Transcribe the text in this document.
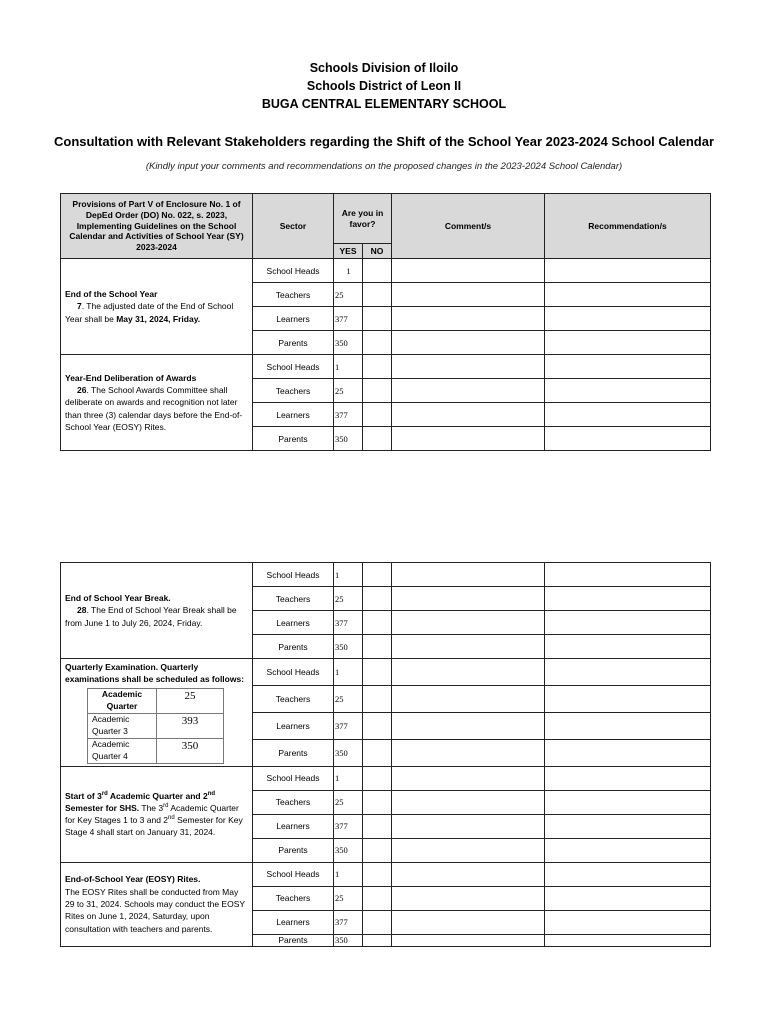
Schools Division of Iloilo
Schools District of Leon II
BUGA CENTRAL ELEMENTARY SCHOOL
Consultation with Relevant Stakeholders regarding the Shift of the School Year 2023-2024 School Calendar
(Kindly input your comments and recommendations on the proposed changes in the 2023-2024 School Calendar)
Provisions of Part V of Enclosure No. 1 of DepEd Order (DO) No. 022, s. 2023, Implementing Guidelines on the School Calendar and Activities of School Year (SY) 2023-2024	Sector	Are you in favor?		Comment/s	Recommendation/s
		YES	NO		
End of the School Year
7. The adjusted date of the End of School Year shall be May 31, 2024, Friday.	School Heads	1			
	Teachers	25			
	Learners	377			
	Parents	350			
Year-End Deliberation of Awards
26. The School Awards Committee shall deliberate on awards and recognition not later than three (3) calendar days before the End-of-School Year (EOSY) Rites.	School Heads	1			
	Teachers	25			
	Learners	377			
	Parents	350			
End of School Year Break.
28. The End of School Year Break shall be from June 1 to July 26, 2024, Friday.	School Heads	1			
Teachers	25			
Learners	377			
Parents	350			
Quarterly Examination. Quarterly examinations shall be scheduled as follows:
Academic Quarter	25
Academic Quarter 3	393
Academic Quarter 4	350
	School Heads	1			
Teachers	25			
Learners	377			
Parents	350			
Start of 3rd Academic Quarter and 2nd Semester for SHS. The 3rd Academic Quarter for Key Stages 1 to 3 and 2nd Semester for Key Stage 4 shall start on January 31, 2024.	School Heads	1			
Teachers	25			
Learners	377			
Parents	350			
End-of-School Year (EOSY) Rites.
The EOSY Rites shall be conducted from May 29 to 31, 2024. Schools may conduct the EOSY Rites on June 1, 2024, Saturday, upon consultation with teachers and parents.	School Heads	1			
Teachers	25			
Learners	377			
Parents	350			
